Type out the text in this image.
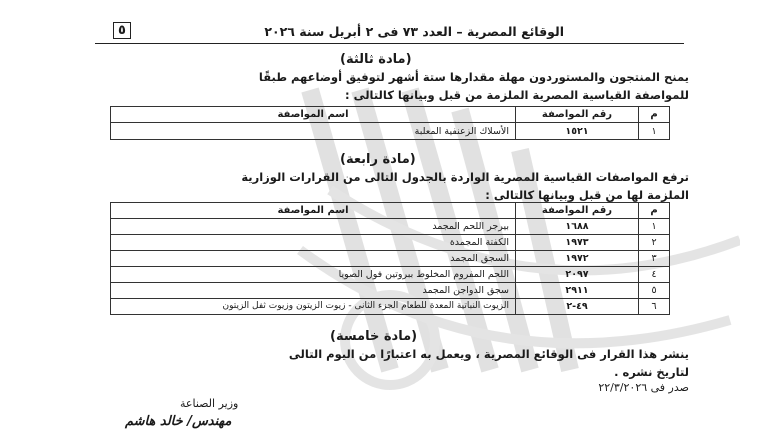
الوقائع المصرية – العدد ٧٣ فى ٢ أبريل سنة ٢٠٢٦
٥
(مادة ثالثة)
يمنح المنتجون والمستوردون مهلة مقدارها ستة أشهر لتوفيق أوضاعهم طبقًا
للمواصفة القياسية المصرية الملزمة من قبل وبيانها كالتالى :
م	رقم المواصفة	اسم المواصفة
١	١٥٢١	الأسلاك الزعنفية المعلبة
(مادة رابعة)
ترفع المواصفات القياسية المصرية الواردة بالجدول التالى من القرارات الوزارية
الملزمة لها من قبل وبيانها كالتالى :
م	رقم المواصفة	اسم المواصفة
١	١٦٨٨	بيرجر اللحم المجمد
٢	١٩٧٣	الكفتة المجمدة
٣	١٩٧٢	السجق المجمد
٤	٢٠٩٧	اللحم المفروم المخلوط ببروتين فول الصويا
٥	٢٩١١	سجق الدواجن المجمد
٦	٤٩-٢	الزيوت النباتية المعدة للطعام الجزء الثانى - زيوت الزيتون وزيوت ثفل الزيتون
(مادة خامسة)
ينشر هذا القرار فى الوقائع المصرية ، ويعمل به اعتبارًا من اليوم التالى
لتاريخ نشره .
صدر فى ٢٢/٣/٢٠٢٦
وزير الصناعة
مهندس/ خالد هاشم
